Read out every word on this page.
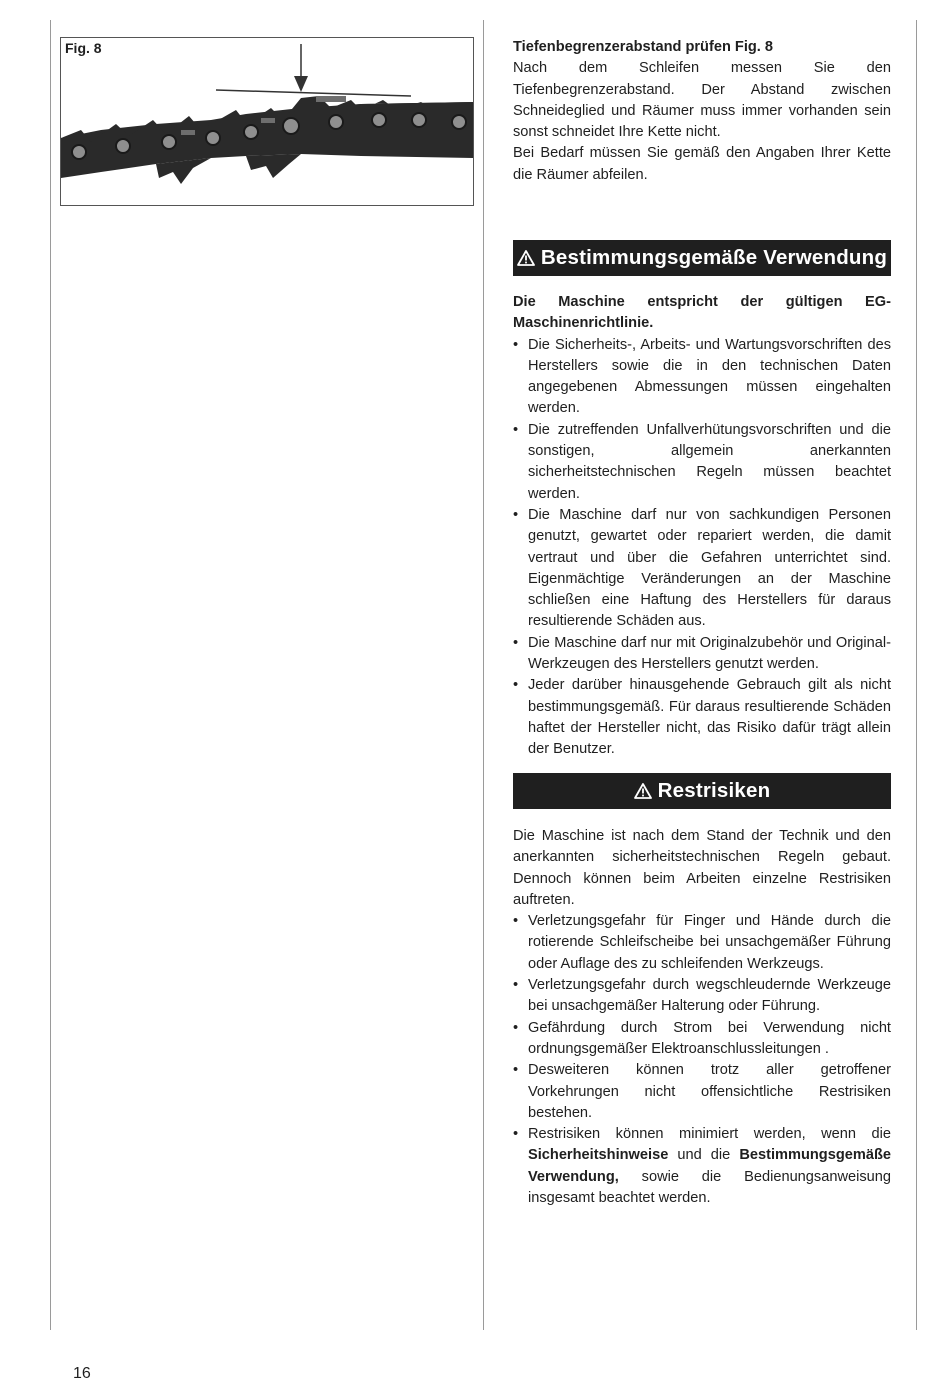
Fig. 8	Tiefenbegrenzerabstand prüfen Fig. 8

Nach dem Schleifen messen Sie den Tiefenbegrenzerabstand. Der Abstand zwischen Schneideglied und Räumer muss immer vorhanden sein sonst schneidet Ihre Kette nicht.

Bei Bedarf müssen Sie gemäß den Angaben Ihrer Kette die Räumer abfeilen.

Bestimmungsgemäße Verwendung

Die Maschine entspricht der gültigen EG-Maschinenrichtlinie.

• Die Sicherheits-, Arbeits- und Wartungsvorschriften des Herstellers sowie die in den technischen Daten angegebenen Abmessungen müssen eingehalten werden.
• Die zutreffenden Unfallverhütungsvorschriften und die sonstigen, allgemein anerkannten sicherheitstechnischen Regeln müssen beachtet werden.
• Die Maschine darf nur von sachkundigen Personen genutzt, gewartet oder repariert werden, die damit vertraut und über die Gefahren unterrichtet sind. Eigenmächtige Veränderungen an der Maschine schließen eine Haftung des Herstellers für daraus resultierende Schäden aus.
• Die Maschine darf nur mit Originalzubehör und Original- Werkzeugen des Herstellers genutzt werden.
• Jeder darüber hinausgehende Gebrauch gilt als nicht bestimmungsgemäß. Für daraus resultierende Schäden haftet der Hersteller nicht, das Risiko dafür trägt allein der Benutzer.
Restrisiken

Die Maschine ist nach dem Stand der Technik und den anerkannten sicherheitstechnischen Regeln gebaut. Dennoch können beim Arbeiten einzelne Restrisiken auftreten.

• Verletzungsgefahr für Finger und Hände durch die rotierende Schleifscheibe bei unsachgemäßer Führung oder Auflage des zu schleifenden Werkzeugs.
• Verletzungsgefahr durch wegschleudernde Werkzeuge bei unsachgemäßer Halterung oder Führung.
• Gefährdung durch Strom bei Verwendung nicht ordnungsgemäßer Elektroanschlussleitungen .
• Desweiteren können trotz aller getroffener Vorkehrungen nicht offensichtliche Restrisiken bestehen.
• Restrisiken können minimiert werden, wenn die Sicherheitshinweise und die Bestimmungsgemäße Verwendung, sowie die Bedienungsanweisung insgesamt beachtet werden.
16
